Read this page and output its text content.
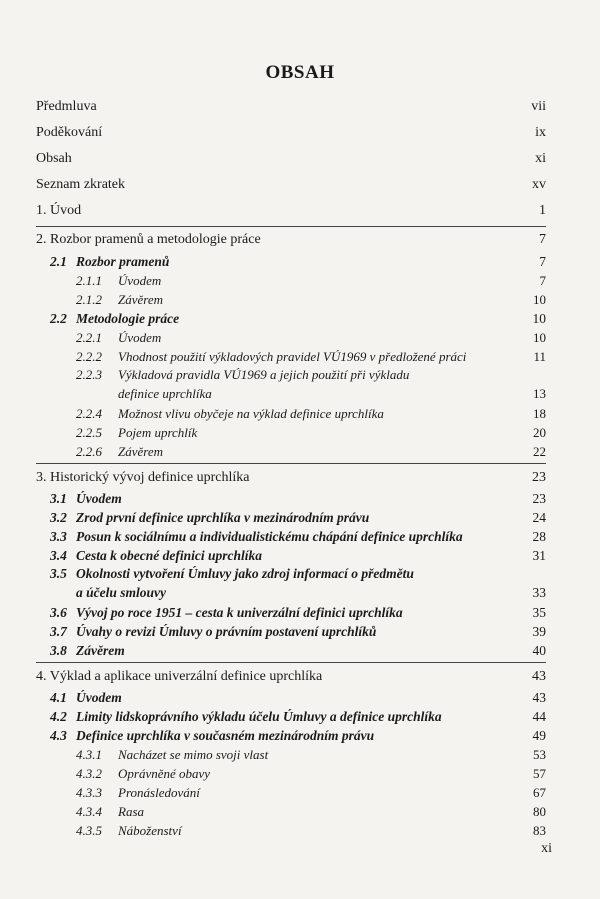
OBSAH
Předmluva	vii
Poděkování	ix
Obsah	xi
Seznam zkratek	xv
1. Úvod	1
2. Rozbor pramenů a metodologie práce	7
2.1 Rozbor pramenů	7
2.1.1 Úvodem	7
2.1.2 Závěrem	10
2.2 Metodologie práce	10
2.2.1 Úvodem	10
2.2.2 Vhodnost použití výkladových pravidel VÚ1969 v předložené práci	11
2.2.3 Výkladová pravidla VÚ1969 a jejich použití při výkladu
definice uprchlíka	13
2.2.4 Možnost vlivu obyčeje na výklad definice uprchlíka	18
2.2.5 Pojem uprchlík	20
2.2.6 Závěrem	22
3. Historický vývoj definice uprchlíka	23
3.1 Úvodem	23
3.2 Zrod první definice uprchlíka v mezinárodním právu	24
3.3 Posun k sociálnímu a individualistickému chápání definice uprchlíka	28
3.4 Cesta k obecné definici uprchlíka	31
3.5 Okolnosti vytvoření Úmluvy jako zdroj informací o předmětu
a účelu smlouvy	33
3.6 Vývoj po roce 1951 – cesta k univerzální definici uprchlíka	35
3.7 Úvahy o revizi Úmluvy o právním postavení uprchlíků	39
3.8 Závěrem	40
4. Výklad a aplikace univerzální definice uprchlíka	43
4.1 Úvodem	43
4.2 Limity lidskoprávního výkladu účelu Úmluvy a definice uprchlíka	44
4.3 Definice uprchlíka v současném mezinárodním právu	49
4.3.1 Nacházet se mimo svoji vlast	53
4.3.2 Oprávněné obavy	57
4.3.3 Pronásledování	67
4.3.4 Rasa	80
4.3.5 Náboženství	83
xi
